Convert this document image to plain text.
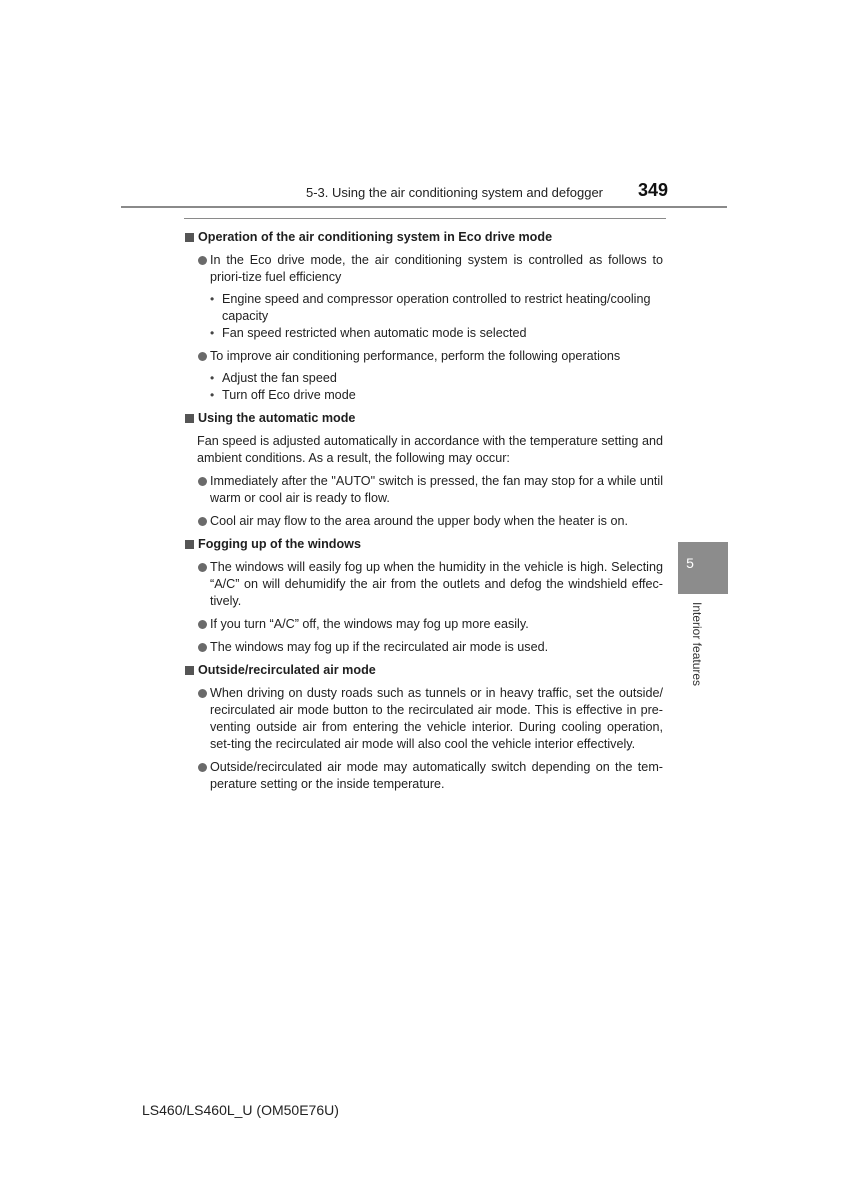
5-3. Using the air conditioning system and defogger 349
5
Interior features
Operation of the air conditioning system in Eco drive mode
In the Eco drive mode, the air conditioning system is controlled as follows to priori-tize fuel efficiency
• Engine speed and compressor operation controlled to restrict heating/cooling capacity
• Fan speed restricted when automatic mode is selected
To improve air conditioning performance, perform the following operations
• Adjust the fan speed
• Turn off Eco drive mode
Using the automatic mode
Fan speed is adjusted automatically in accordance with the temperature setting and ambient conditions. As a result, the following may occur:
Immediately after the "AUTO" switch is pressed, the fan may stop for a while until warm or cool air is ready to flow.
Cool air may flow to the area around the upper body when the heater is on.
Fogging up of the windows
The windows will easily fog up when the humidity in the vehicle is high. Selecting “A/C” on will dehumidify the air from the outlets and defog the windshield effec-tively.
If you turn “A/C” off, the windows may fog up more easily.
The windows may fog up if the recirculated air mode is used.
Outside/recirculated air mode
When driving on dusty roads such as tunnels or in heavy traffic, set the outside/ recirculated air mode button to the recirculated air mode. This is effective in pre-venting outside air from entering the vehicle interior. During cooling operation, set-ting the recirculated air mode will also cool the vehicle interior effectively.
Outside/recirculated air mode may automatically switch depending on the tem-perature setting or the inside temperature.
LS460/LS460L_U (OM50E76U)
